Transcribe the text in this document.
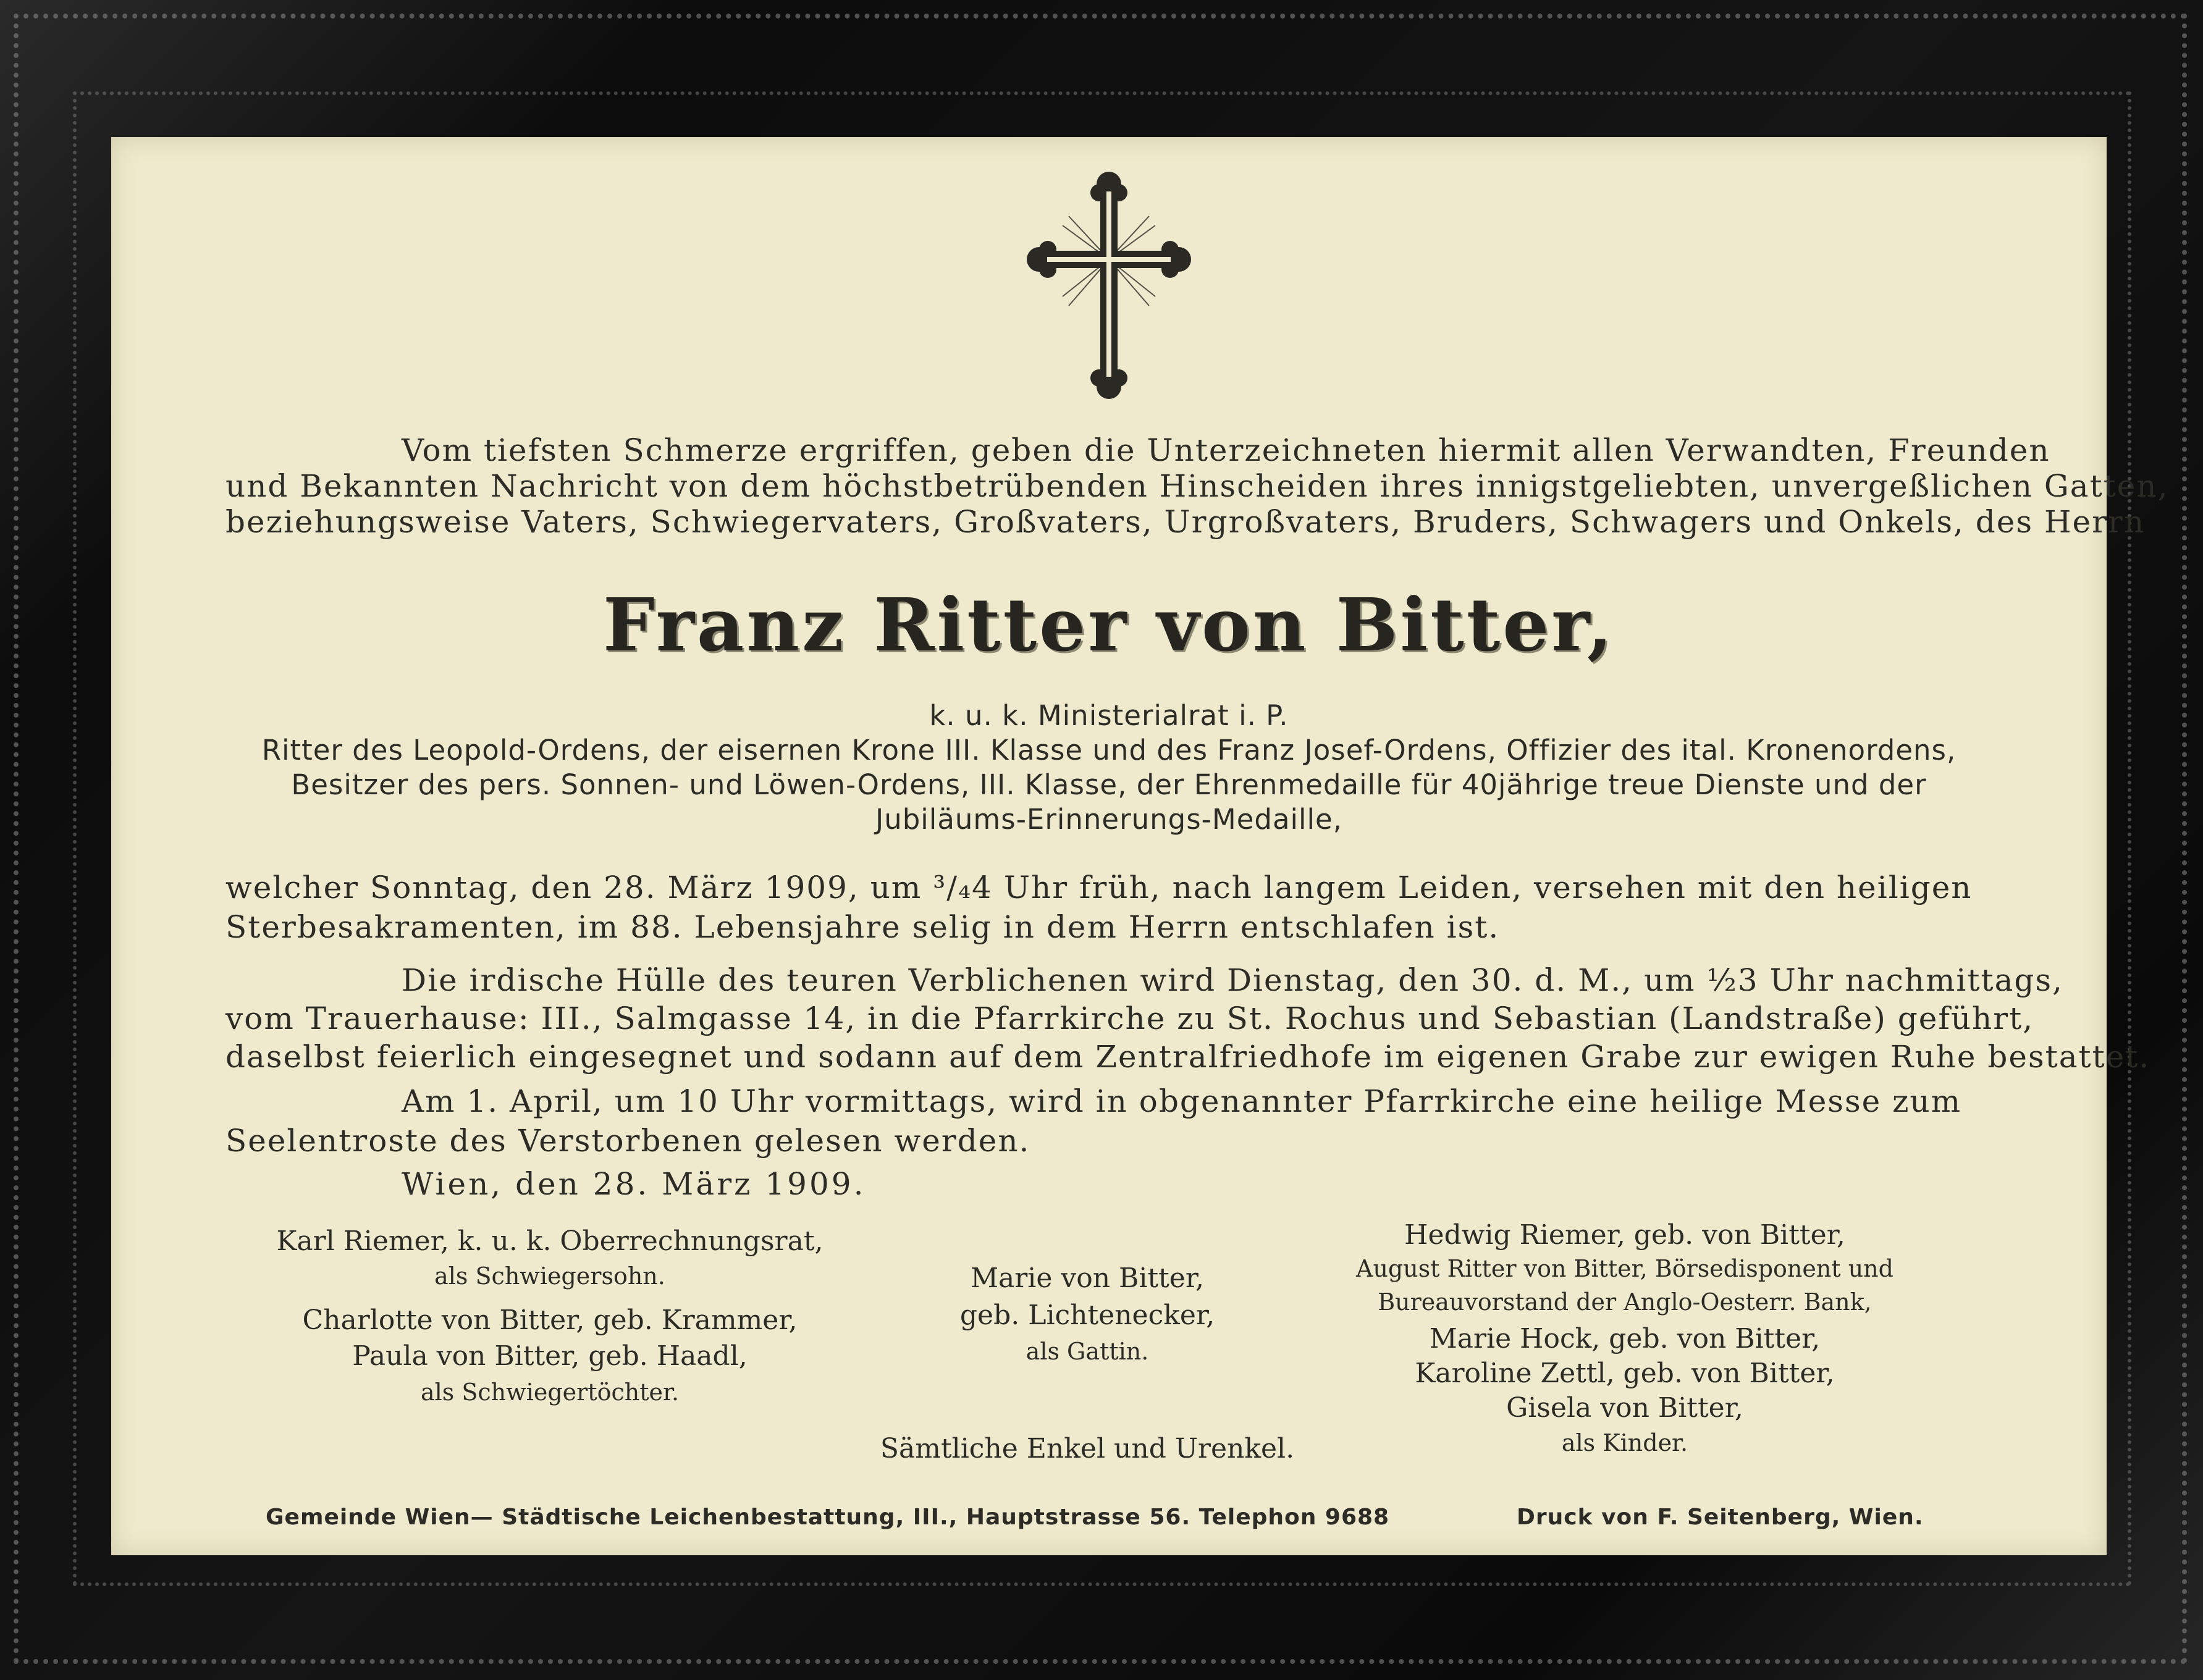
Vom tiefsten Schmerze ergriffen, geben die Unterzeichneten hiermit allen Verwandten, Freunden
und Bekannten Nachricht von dem höchstbetrübenden Hinscheiden ihres innigstgeliebten, unvergeßlichen Gatten,
beziehungsweise Vaters, Schwiegervaters, Großvaters, Urgroßvaters, Bruders, Schwagers und Onkels, des Herrn
Franz Ritter von Bitter,
k. u. k. Ministerialrat i. P.
Ritter des Leopold-Ordens, der eisernen Krone III. Klasse und des Franz Josef-Ordens, Offizier des ital. Kronenordens,
Besitzer des pers. Sonnen- und Löwen-Ordens, III. Klasse, der Ehrenmedaille für 40jährige treue Dienste und der
Jubiläums-Erinnerungs-Medaille,
welcher Sonntag, den 28. März 1909, um ³/₄4 Uhr früh, nach langem Leiden, versehen mit den heiligen
Sterbesakramenten, im 88. Lebensjahre selig in dem Herrn entschlafen ist.
Die irdische Hülle des teuren Verblichenen wird Dienstag, den 30. d. M., um ½3 Uhr nachmittags,
vom Trauerhause: III., Salmgasse 14, in die Pfarrkirche zu St. Rochus und Sebastian (Landstraße) geführt,
daselbst feierlich eingesegnet und sodann auf dem Zentralfriedhofe im eigenen Grabe zur ewigen Ruhe bestattet.
Am 1. April, um 10 Uhr vormittags, wird in obgenannter Pfarrkirche eine heilige Messe zum
Seelentroste des Verstorbenen gelesen werden.
Wien, den 28. März 1909.
Karl Riemer, k. u. k. Oberrechnungsrat,
als Schwiegersohn.
Charlotte von Bitter, geb. Krammer,
Paula von Bitter, geb. Haadl,
als Schwiegertöchter.
Marie von Bitter,
geb. Lichtenecker,
als Gattin.
Sämtliche Enkel und Urenkel.
Hedwig Riemer, geb. von Bitter,
August Ritter von Bitter, Börsedisponent und
Bureauvorstand der Anglo-Oesterr. Bank,
Marie Hock, geb. von Bitter,
Karoline Zettl, geb. von Bitter,
Gisela von Bitter,
als Kinder.
Gemeinde Wien— Städtische Leichenbestattung, III., Hauptstrasse 56. Telephon 9688	Druck von F. Seitenberg, Wien.
